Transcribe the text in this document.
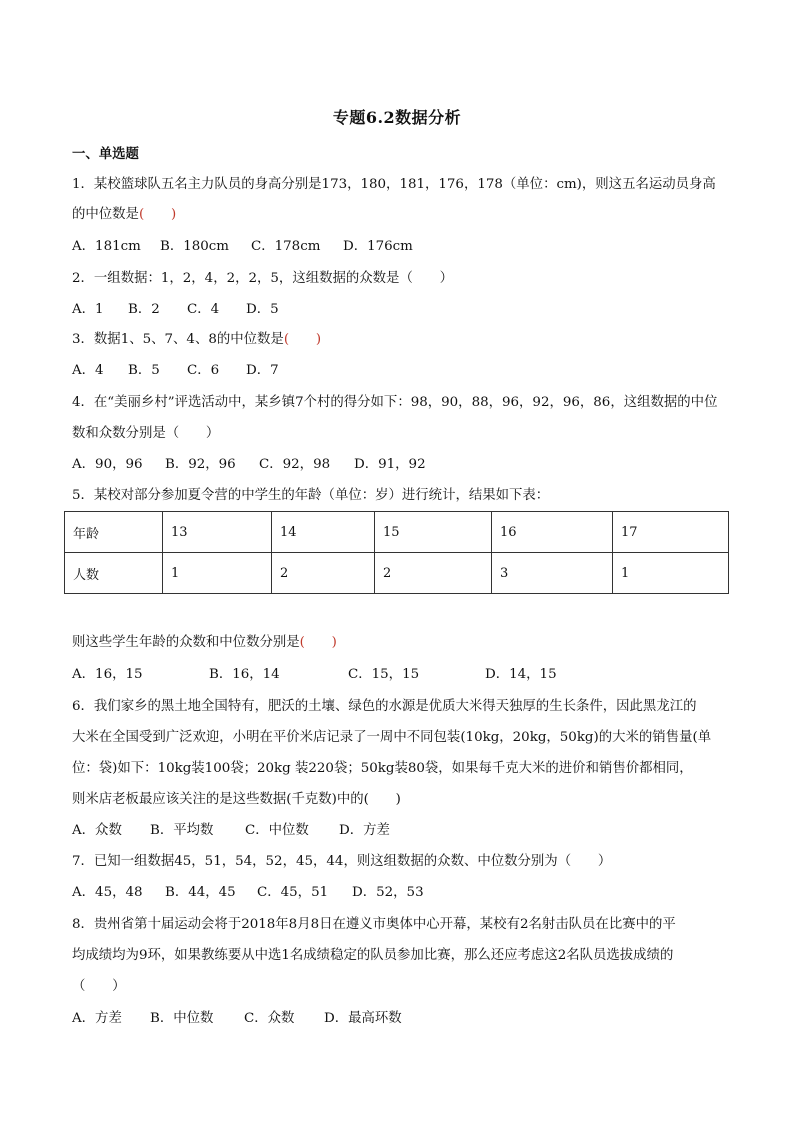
专题6.2数据分析
一、单选题
1．某校篮球队五名主力队员的身高分别是173，180，181，176，178（单位：cm)，则这五名运动员身高
的中位数是(　　)
A．181cm B．180cm C．178cm D．176cm
2．一组数据：1，2，4，2，2，5，这组数据的众数是（　　）
A．1 B．2 C．4 D．5
3．数据1、5、7、4、8的中位数是(　　)
A．4 B．5 C．6 D．7
4．在“美丽乡村”评选活动中，某乡镇7个村的得分如下：98，90，88，96，92，96，86，这组数据的中位
数和众数分别是（　　）
A．90，96 B．92，96 C．92，98 D．91，92
5．某校对部分参加夏令营的中学生的年龄（单位：岁）进行统计，结果如下表：
年龄	13	14	15	16	17
人数	1	2	2	3	1
则这些学生年龄的众数和中位数分别是(　　)
A．16，15	B．16，14	C．15，15	D．14，15
6．我们家乡的黑土地全国特有，肥沃的土壤、绿色的水源是优质大米得天独厚的生长条件，因此黑龙江的
大米在全国受到广泛欢迎，小明在平价米店记录了一周中不同包装(10kg，20kg，50kg)的大米的销售量(单
位：袋)如下：10kg装100袋；20kg 装220袋；50kg装80袋，如果每千克大米的进价和销售价都相同，
则米店老板最应该关注的是这些数据(千克数)中的(　　)
A．众数 B．平均数 C．中位数 D．方差
7．已知一组数据45，51，54，52，45，44，则这组数据的众数、中位数分别为（　　）
A．45，48 B．44，45 C．45，51 D．52，53
8．贵州省第十届运动会将于2018年8月8日在遵义市奥体中心开幕，某校有2名射击队员在比赛中的平
均成绩均为9环，如果教练要从中选1名成绩稳定的队员参加比赛，那么还应考虑这2名队员选拔成绩的
（　　）
A．方差 B．中位数 C．众数 D．最高环数
